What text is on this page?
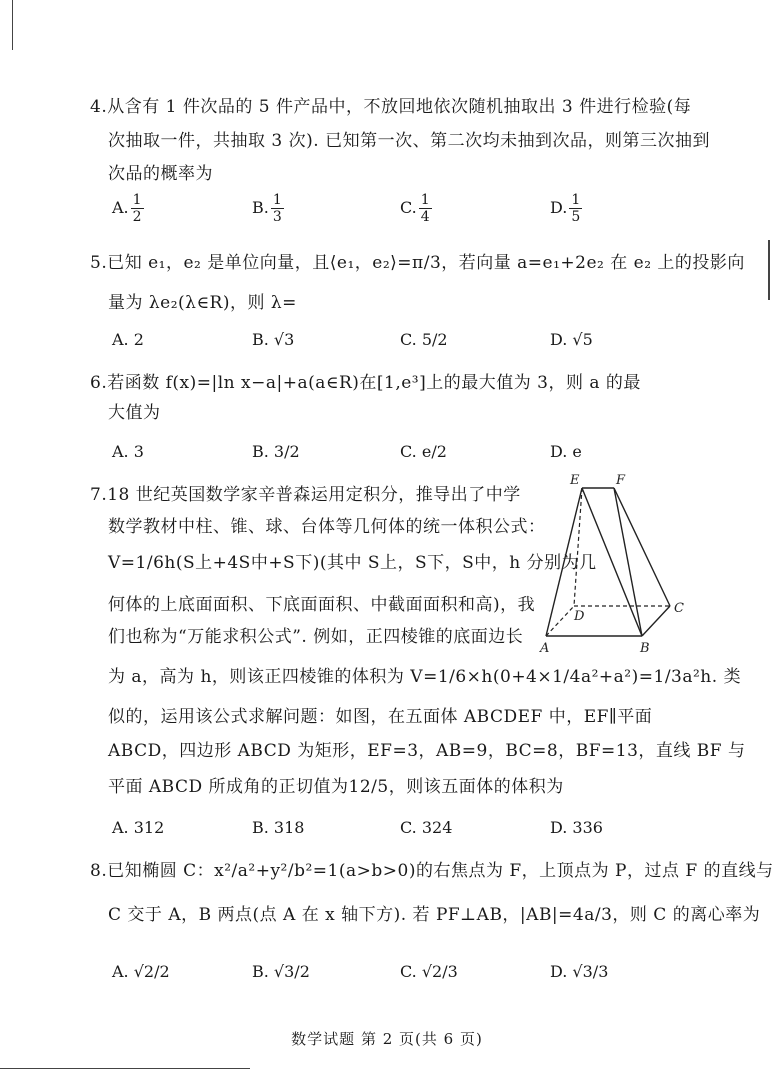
4.从含有 1 件次品的 5 件产品中，不放回地依次随机抽取出 3 件进行检验(每
次抽取一件，共抽取 3 次). 已知第一次、第二次均未抽到次品，则第三次抽到
次品的概率为
A. $\frac{1}{2}$	B. $\frac{1}{3}$	C. $\frac{1}{4}$	D. $\frac{1}{5}$
5.已知 e₁，e₂ 是单位向量，且⟨e₁，e₂⟩=π/3，若向量 a=e₁+2e₂ 在 e₂ 上的投影向
量为 λe₂(λ∈R)，则 λ=
A. 2	B. √3	C. 5/2	D. √5
6.若函数 f(x)=|ln x−a|+a(a∈R)在[1,e³]上的最大值为 3，则 a 的最
大值为
A. 3	B. 3/2	C. e/2	D. e
7.18 世纪英国数学家辛普森运用定积分，推导出了中学
数学教材中柱、锥、球、台体等几何体的统一体积公式：
V=1/6h(S上+4S中+S下)(其中 S上，S下，S中，h 分别为几
何体的上底面面积、下底面面积、中截面面积和高)，我
们也称为“万能求积公式”. 例如，正四棱锥的底面边长
为 a，高为 h，则该正四棱锥的体积为 V=1/6×h(0+4×1/4a²+a²)=1/3a²h. 类
似的，运用该公式求解问题：如图，在五面体 ABCDEF 中，EF∥平面
ABCD，四边形 ABCD 为矩形，EF=3，AB=9，BC=8，BF=13，直线 BF 与
平面 ABCD 所成角的正切值为12/5，则该五面体的体积为
A. 312	B. 318	C. 324	D. 336
E	F
D
C
A	B
8.已知椭圆 C：x²/a²+y²/b²=1(a>b>0)的右焦点为 F，上顶点为 P，过点 F 的直线与
C 交于 A，B 两点(点 A 在 x 轴下方). 若 PF⊥AB，|AB|=4a/3，则 C 的离心率为
A. √2/2	B. √3/2	C. √2/3	D. √3/3
数学试题 第 2 页(共 6 页)
